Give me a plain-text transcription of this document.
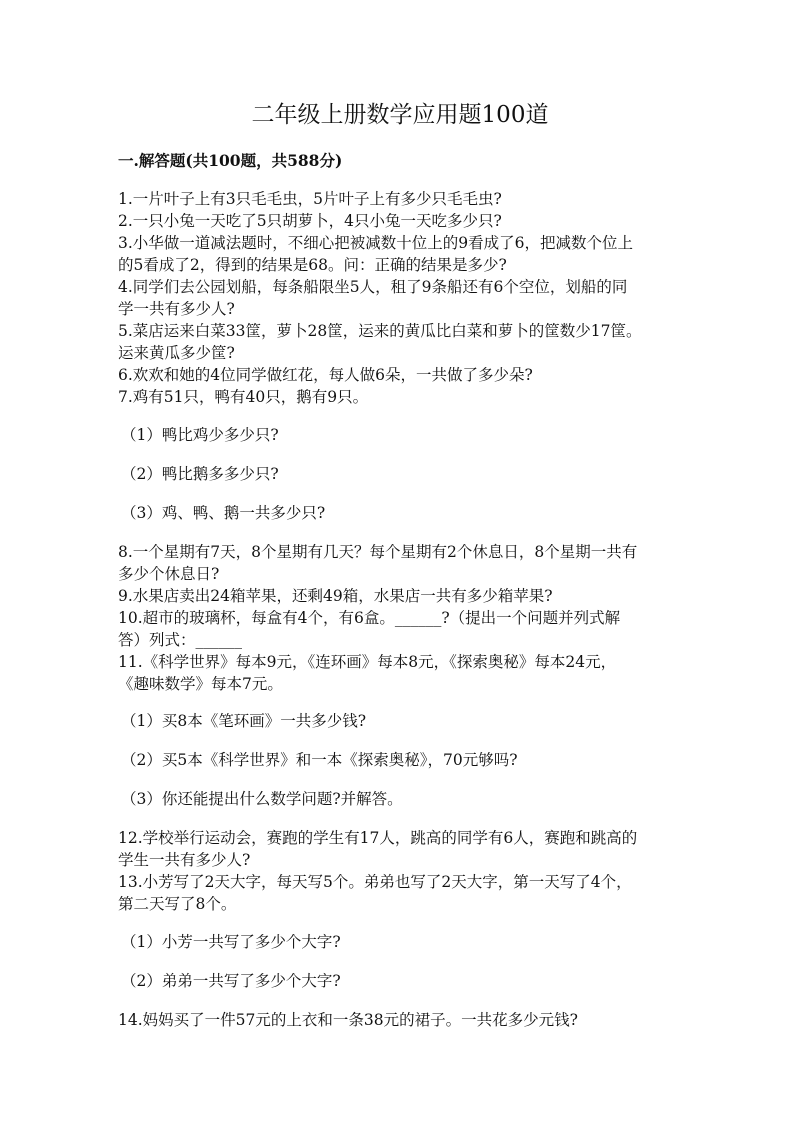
二年级上册数学应用题100道
一.解答题(共100题，共588分)
1.一片叶子上有3只毛毛虫，5片叶子上有多少只毛毛虫?
2.一只小兔一天吃了5只胡萝卜，4只小兔一天吃多少只?
3.小华做一道减法题时，不细心把被减数十位上的9看成了6，把减数个位上
的5看成了2，得到的结果是68。问：正确的结果是多少?
4.同学们去公园划船，每条船限坐5人，租了9条船还有6个空位，划船的同
学一共有多少人?
5.菜店运来白菜33筐，萝卜28筐，运来的黄瓜比白菜和萝卜的筐数少17筐。
运来黄瓜多少筐?
6.欢欢和她的4位同学做红花，每人做6朵，一共做了多少朵?
7.鸡有51只，鸭有40只，鹅有9只。
（1）鸭比鸡少多少只?
（2）鸭比鹅多多少只?
（3）鸡、鸭、鹅一共多少只?
8.一个星期有7天，8个星期有几天？每个星期有2个休息日，8个星期一共有
多少个休息日?
9.水果店卖出24箱苹果，还剩49箱，水果店一共有多少箱苹果?
10.超市的玻璃杯，每盒有4个，有6盒。______?（提出一个问题并列式解
答）列式：______
11.《科学世界》每本9元，《连环画》每本8元，《探索奥秘》每本24元，
《趣味数学》每本7元。
（1）买8本《笔环画》一共多少钱?
（2）买5本《科学世界》和一本《探索奥秘》，70元够吗?
（3）你还能提出什么数学问题?并解答。
12.学校举行运动会，赛跑的学生有17人，跳高的同学有6人，赛跑和跳高的
学生一共有多少人?
13.小芳写了2天大字，每天写5个。弟弟也写了2天大字，第一天写了4个，
第二天写了8个。
（1）小芳一共写了多少个大字?
（2）弟弟一共写了多少个大字?
14.妈妈买了一件57元的上衣和一条38元的裙子。一共花多少元钱?
